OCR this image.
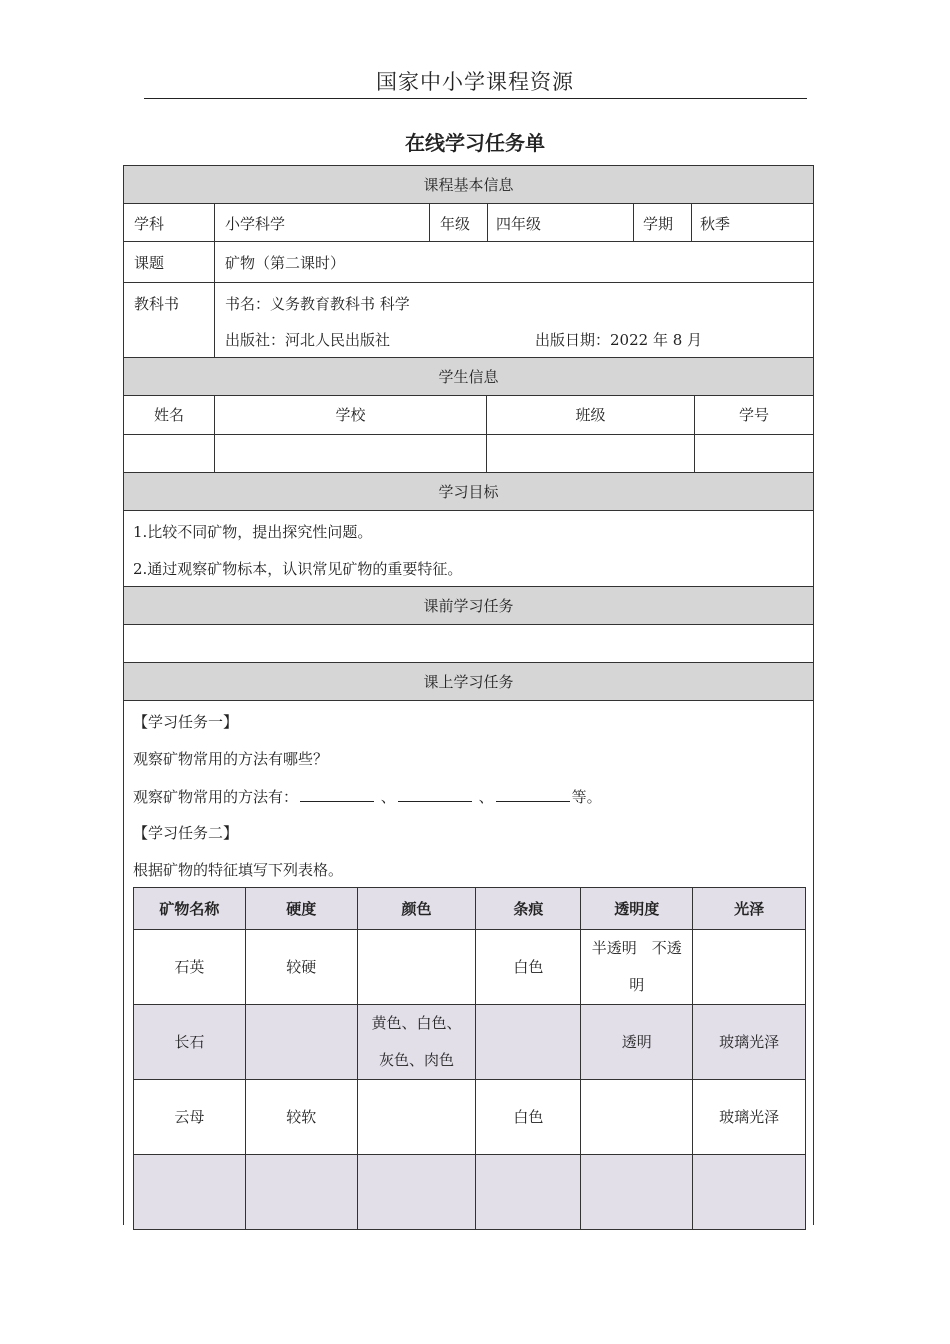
国家中小学课程资源
在线学习任务单
课程基本信息
学科	小学科学	年级 四年级	学期 秋季
课题	矿物（第二课时）
教科书	书名：义务教育教科书 科学
出版社：河北人民出版社	出版日期：2022 年 8 月
学生信息
姓名	学校	班级	学号
学习目标
1.比较不同矿物，提出探究性问题。
2.通过观察矿物标本，认识常见矿物的重要特征。
课前学习任务
课上学习任务
【学习任务一】
观察矿物常用的方法有哪些？
观察矿物常用的方法有：	、	、	等。
【学习任务二】
根据矿物的特征填写下列表格。
矿物名称	硬度	颜色	条痕	透明度	光泽
石英	较硬		白色	半透明　不透明	
长石		黄色、白色、灰色、肉色		透明	玻璃光泽
云母	较软		白色		玻璃光泽
